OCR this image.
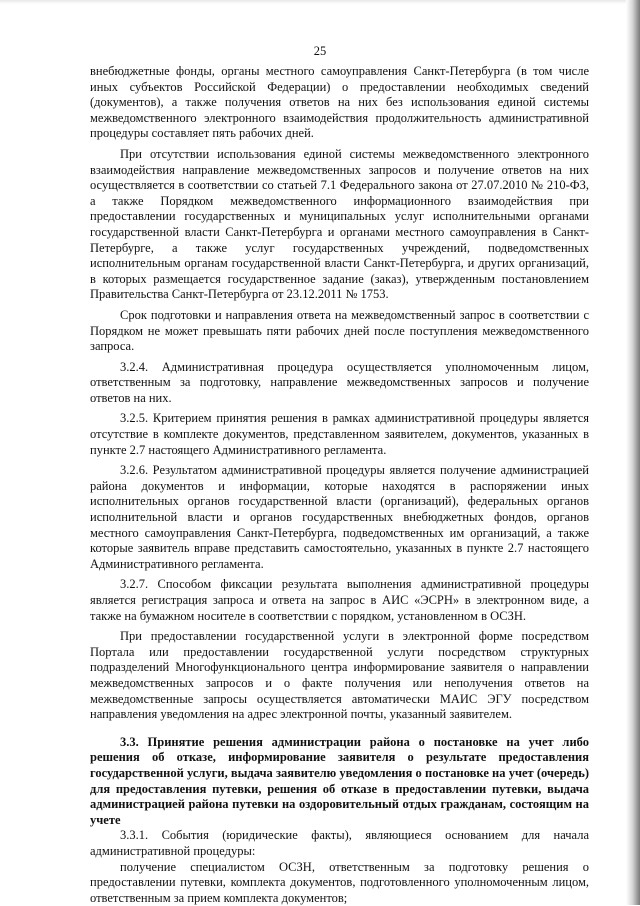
25

внебюджетные фонды, органы местного самоуправления Санкт-Петербурга (в том числе иных субъектов Российской Федерации) о предоставлении необходимых сведений (документов), а также получения ответов на них без использования единой системы межведомственного электронного взаимодействия продолжительность административной процедуры составляет пять рабочих дней.

При отсутствии использования единой системы межведомственного электронного взаимодействия направление межведомственных запросов и получение ответов на них осуществляется в соответствии со статьей 7.1 Федерального закона от 27.07.2010 № 210-ФЗ, а также Порядком межведомственного информационного взаимодействия при предоставлении государственных и муниципальных услуг исполнительными органами государственной власти Санкт-Петербурга и органами местного самоуправления в Санкт-Петербурге, а также услуг государственных учреждений, подведомственных исполнительным органам государственной власти Санкт-Петербурга, и других организаций, в которых размещается государственное задание (заказ), утвержденным постановлением Правительства Санкт-Петербурга от 23.12.2011 № 1753.

Срок подготовки и направления ответа на межведомственный запрос в соответствии с Порядком не может превышать пяти рабочих дней после поступления межведомственного запроса.

3.2.4. Административная процедура осуществляется уполномоченным лицом, ответственным за подготовку, направление межведомственных запросов и получение ответов на них.

3.2.5. Критерием принятия решения в рамках административной процедуры является отсутствие в комплекте документов, представленном заявителем, документов, указанных в пункте 2.7 настоящего Административного регламента.

3.2.6. Результатом административной процедуры является получение администрацией района документов и информации, которые находятся в распоряжении иных исполнительных органов государственной власти (организаций), федеральных органов исполнительной власти и органов государственных внебюджетных фондов, органов местного самоуправления Санкт-Петербурга, подведомственных им организаций, а также которые заявитель вправе представить самостоятельно, указанных в пункте 2.7 настоящего Административного регламента.

3.2.7. Способом фиксации результата выполнения административной процедуры является регистрация запроса и ответа на запрос в АИС «ЭСРН» в электронном виде, а также на бумажном носителе в соответствии с порядком, установленном в ОСЗН.

При предоставлении государственной услуги в электронной форме посредством Портала или предоставлении государственной услуги посредством структурных подразделений Многофункционального центра информирование заявителя о направлении межведомственных запросов и о факте получения или неполучения ответов на межведомственные запросы осуществляется автоматически МАИС ЭГУ посредством направления уведомления на адрес электронной почты, указанный заявителем.

3.3. Принятие решения администрации района о постановке на учет либо решения об отказе, информирование заявителя о результате предоставления государственной услуги, выдача заявителю уведомления о постановке на учет (очередь) для предоставления путевки, решения об отказе в предоставлении путевки, выдача администрацией района путевки на оздоровительный отдых гражданам, состоящим на учете

3.3.1. События (юридические факты), являющиеся основанием для начала административной процедуры:

получение специалистом ОСЗН, ответственным за подготовку решения о предоставлении путевки, комплекта документов, подготовленного уполномоченным лицом, ответственным за прием комплекта документов;
